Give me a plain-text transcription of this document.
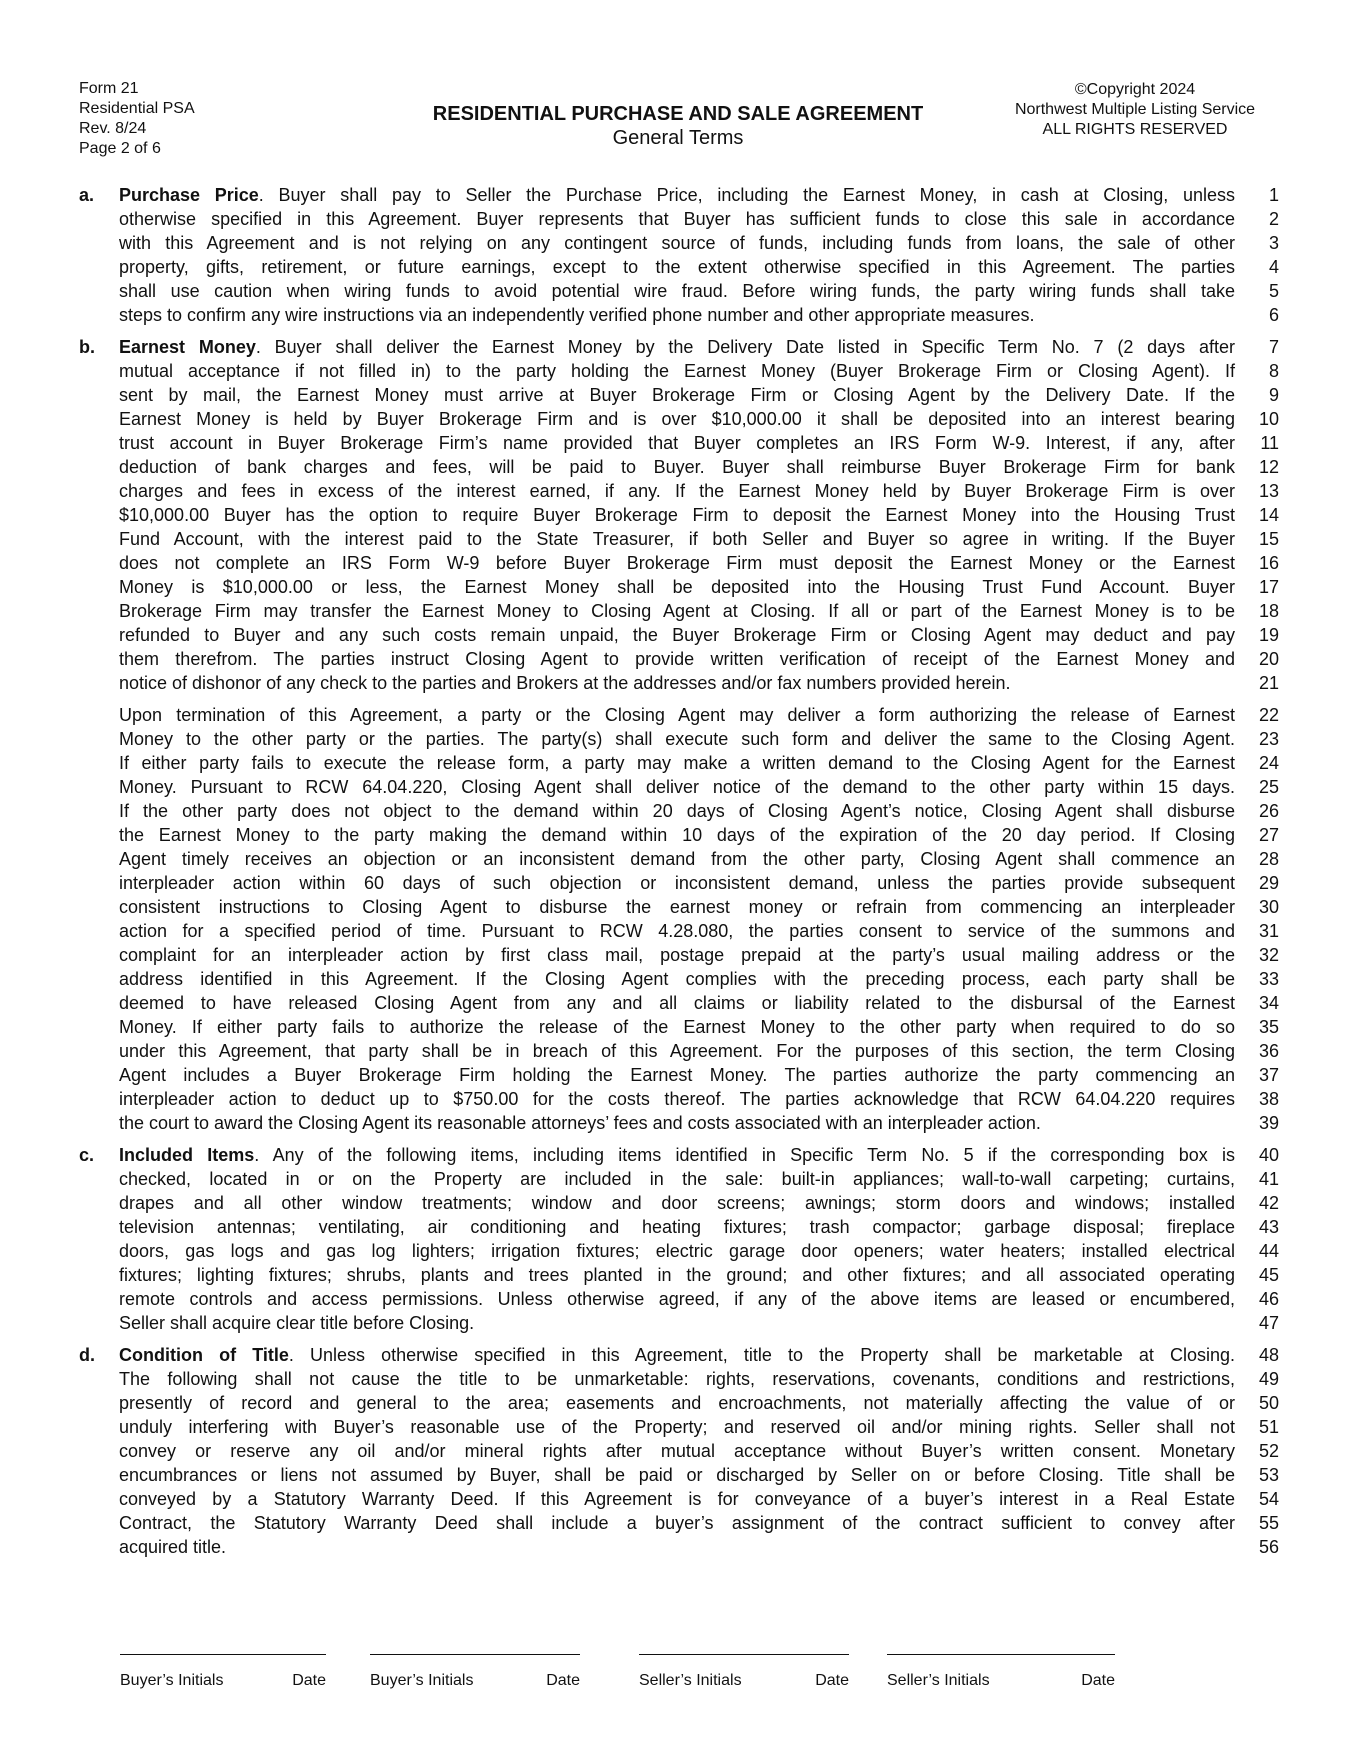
Form 21
Residential PSA
Rev. 8/24
Page 2 of 6
RESIDENTIAL PURCHASE AND SALE AGREEMENT
General Terms
©Copyright 2024
Northwest Multiple Listing Service
ALL RIGHTS RESERVED
a.	Purchase Price. Buyer shall pay to Seller the Purchase Price, including the Earnest Money, in cash at Closing, unless
otherwise specified in this Agreement. Buyer represents that Buyer has sufficient funds to close this sale in accordance
with this Agreement and is not relying on any contingent source of funds, including funds from loans, the sale of other
property, gifts, retirement, or future earnings, except to the extent otherwise specified in this Agreement. The parties
shall use caution when wiring funds to avoid potential wire fraud. Before wiring funds, the party wiring funds shall take
steps to confirm any wire instructions via an independently verified phone number and other appropriate measures.
1
2
3
4
5
6
b.	Earnest Money. Buyer shall deliver the Earnest Money by the Delivery Date listed in Specific Term No. 7 (2 days after
mutual acceptance if not filled in) to the party holding the Earnest Money (Buyer Brokerage Firm or Closing Agent). If
sent by mail, the Earnest Money must arrive at Buyer Brokerage Firm or Closing Agent by the Delivery Date. If the
Earnest Money is held by Buyer Brokerage Firm and is over $10,000.00 it shall be deposited into an interest bearing
trust account in Buyer Brokerage Firm’s name provided that Buyer completes an IRS Form W-9. Interest, if any, after
deduction of bank charges and fees, will be paid to Buyer. Buyer shall reimburse Buyer Brokerage Firm for bank
charges and fees in excess of the interest earned, if any. If the Earnest Money held by Buyer Brokerage Firm is over
$10,000.00 Buyer has the option to require Buyer Brokerage Firm to deposit the Earnest Money into the Housing Trust
Fund Account, with the interest paid to the State Treasurer, if both Seller and Buyer so agree in writing. If the Buyer
does not complete an IRS Form W-9 before Buyer Brokerage Firm must deposit the Earnest Money or the Earnest
Money is $10,000.00 or less, the Earnest Money shall be deposited into the Housing Trust Fund Account. Buyer
Brokerage Firm may transfer the Earnest Money to Closing Agent at Closing. If all or part of the Earnest Money is to be
refunded to Buyer and any such costs remain unpaid, the Buyer Brokerage Firm or Closing Agent may deduct and pay
them therefrom. The parties instruct Closing Agent to provide written verification of receipt of the Earnest Money and
notice of dishonor of any check to the parties and Brokers at the addresses and/or fax numbers provided herein.
7
8
9
10
11
12
13
14
15
16
17
18
19
20
21
Upon termination of this Agreement, a party or the Closing Agent may deliver a form authorizing the release of Earnest
Money to the other party or the parties. The party(s) shall execute such form and deliver the same to the Closing Agent.
If either party fails to execute the release form, a party may make a written demand to the Closing Agent for the Earnest
Money. Pursuant to RCW 64.04.220, Closing Agent shall deliver notice of the demand to the other party within 15 days.
If the other party does not object to the demand within 20 days of Closing Agent’s notice, Closing Agent shall disburse
the Earnest Money to the party making the demand within 10 days of the expiration of the 20 day period. If Closing
Agent timely receives an objection or an inconsistent demand from the other party, Closing Agent shall commence an
interpleader action within 60 days of such objection or inconsistent demand, unless the parties provide subsequent
consistent instructions to Closing Agent to disburse the earnest money or refrain from commencing an interpleader
action for a specified period of time. Pursuant to RCW 4.28.080, the parties consent to service of the summons and
complaint for an interpleader action by first class mail, postage prepaid at the party’s usual mailing address or the
address identified in this Agreement. If the Closing Agent complies with the preceding process, each party shall be
deemed to have released Closing Agent from any and all claims or liability related to the disbursal of the Earnest
Money. If either party fails to authorize the release of the Earnest Money to the other party when required to do so
under this Agreement, that party shall be in breach of this Agreement. For the purposes of this section, the term Closing
Agent includes a Buyer Brokerage Firm holding the Earnest Money. The parties authorize the party commencing an
interpleader action to deduct up to $750.00 for the costs thereof. The parties acknowledge that RCW 64.04.220 requires
the court to award the Closing Agent its reasonable attorneys’ fees and costs associated with an interpleader action.
22
23
24
25
26
27
28
29
30
31
32
33
34
35
36
37
38
39
c.	Included Items. Any of the following items, including items identified in Specific Term No. 5 if the corresponding box is
checked, located in or on the Property are included in the sale: built-in appliances; wall-to-wall carpeting; curtains,
drapes and all other window treatments; window and door screens; awnings; storm doors and windows; installed
television antennas; ventilating, air conditioning and heating fixtures; trash compactor; garbage disposal; fireplace
doors, gas logs and gas log lighters; irrigation fixtures; electric garage door openers; water heaters; installed electrical
fixtures; lighting fixtures; shrubs, plants and trees planted in the ground; and other fixtures; and all associated operating
remote controls and access permissions. Unless otherwise agreed, if any of the above items are leased or encumbered,
Seller shall acquire clear title before Closing.
40
41
42
43
44
45
46
47
d.	Condition of Title. Unless otherwise specified in this Agreement, title to the Property shall be marketable at Closing.
The following shall not cause the title to be unmarketable: rights, reservations, covenants, conditions and restrictions,
presently of record and general to the area; easements and encroachments, not materially affecting the value of or
unduly interfering with Buyer’s reasonable use of the Property; and reserved oil and/or mining rights. Seller shall not
convey or reserve any oil and/or mineral rights after mutual acceptance without Buyer’s written consent. Monetary
encumbrances or liens not assumed by Buyer, shall be paid or discharged by Seller on or before Closing. Title shall be
conveyed by a Statutory Warranty Deed. If this Agreement is for conveyance of a buyer’s interest in a Real Estate
Contract, the Statutory Warranty Deed shall include a buyer’s assignment of the contract sufficient to convey after
acquired title.
48
49
50
51
52
53
54
55
56
Buyer’s Initials	Date	Buyer’s Initials	Date	Seller’s Initials	Date Seller’s Initials	Date
